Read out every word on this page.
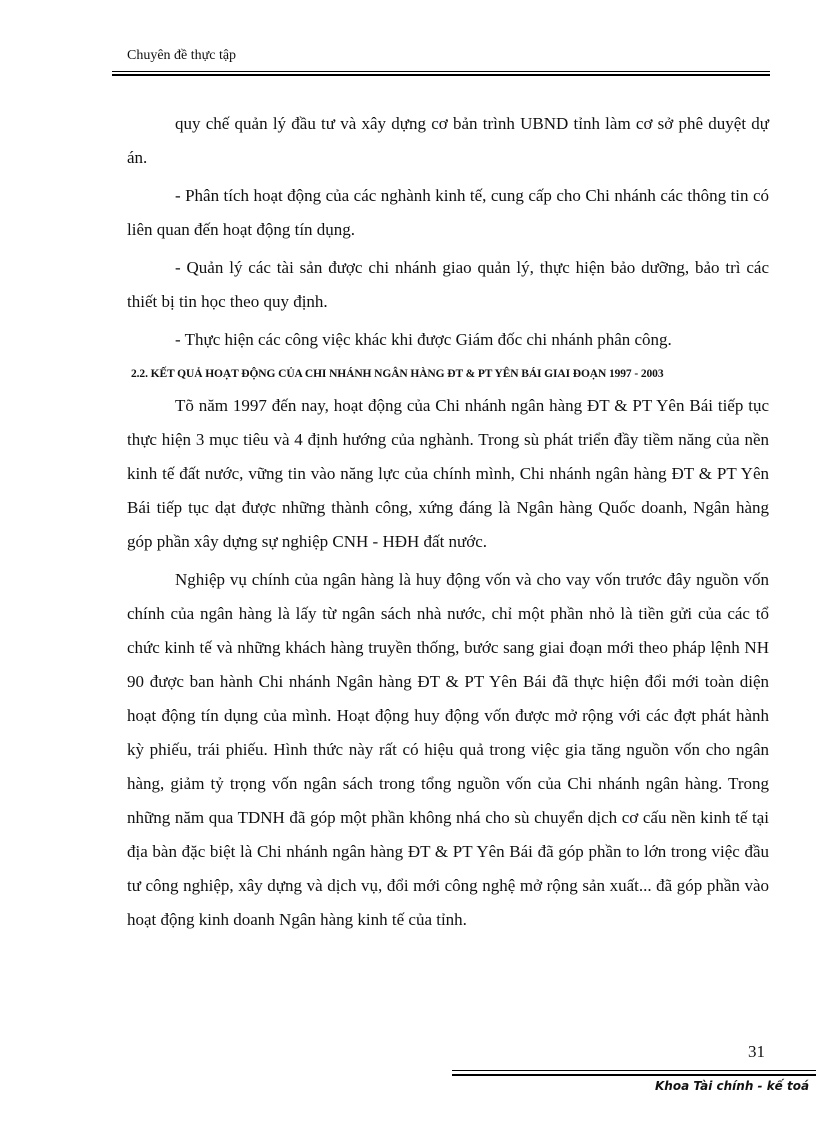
Chuyên đề thực tập

quy chế quản lý đầu tư và xây dựng cơ bản trình UBND tỉnh làm cơ sở phê duyệt dự án.

- Phân tích hoạt động của các nghành kinh tế, cung cấp cho Chi nhánh các thông tin có liên quan đến hoạt động tín dụng.

- Quản lý các tài sản được chi nhánh giao quản lý, thực hiện bảo dưỡng, bảo trì các thiết bị tin học theo quy định.

- Thực hiện các công việc khác khi được Giám đốc chi nhánh phân công.

2.2. KẾT QUẢ HOẠT ĐỘNG CỦA CHI NHÁNH NGÂN HÀNG ĐT & PT YÊN BÁI GIAI ĐOẠN 1997 - 2003

Tõ năm 1997 đến nay, hoạt động của Chi nhánh ngân hàng ĐT & PT Yên Bái tiếp tục thực hiện 3 mục tiêu và 4 định hướng của nghành. Trong sù phát triển đầy tiềm năng của nền kinh tế đất nước, vững tin vào năng lực của chính mình, Chi nhánh ngân hàng ĐT & PT Yên Bái tiếp tục dạt được những thành công, xứng đáng là Ngân hàng Quốc doanh, Ngân hàng góp phần xây dựng sự nghiệp CNH - HĐH đất nước.

Nghiệp vụ chính của ngân hàng là huy động vốn và cho vay vốn trước đây nguồn vốn chính của ngân hàng là lấy từ ngân sách nhà nước, chỉ một phần nhỏ là tiền gửi của các tổ chức kinh tế và những khách hàng truyền thống, bước sang giai đoạn mới theo pháp lệnh NH 90 được ban hành Chi nhánh Ngân hàng ĐT & PT Yên Bái đã thực hiện đổi mới toàn diện hoạt động tín dụng của mình. Hoạt động huy động vốn được mở rộng với các đợt phát hành kỳ phiếu, trái phiếu. Hình thức này rất có hiệu quả trong việc gia tăng nguồn vốn cho ngân hàng, giảm tỷ trọng vốn ngân sách trong tổng nguồn vốn của Chi nhánh ngân hàng. Trong những năm qua TDNH đã góp một phần không nhá cho sù chuyển dịch cơ cấu nền kinh tế tại địa bàn đặc biệt là Chi nhánh ngân hàng ĐT & PT Yên Bái đã góp phần to lớn trong việc đầu tư công nghiệp, xây dựng và dịch vụ, đổi mới công nghệ mở rộng sản xuất... đã góp phần vào hoạt động kinh doanh Ngân hàng kinh tế của tỉnh.

31
Khoa Tài chính - kế toá
